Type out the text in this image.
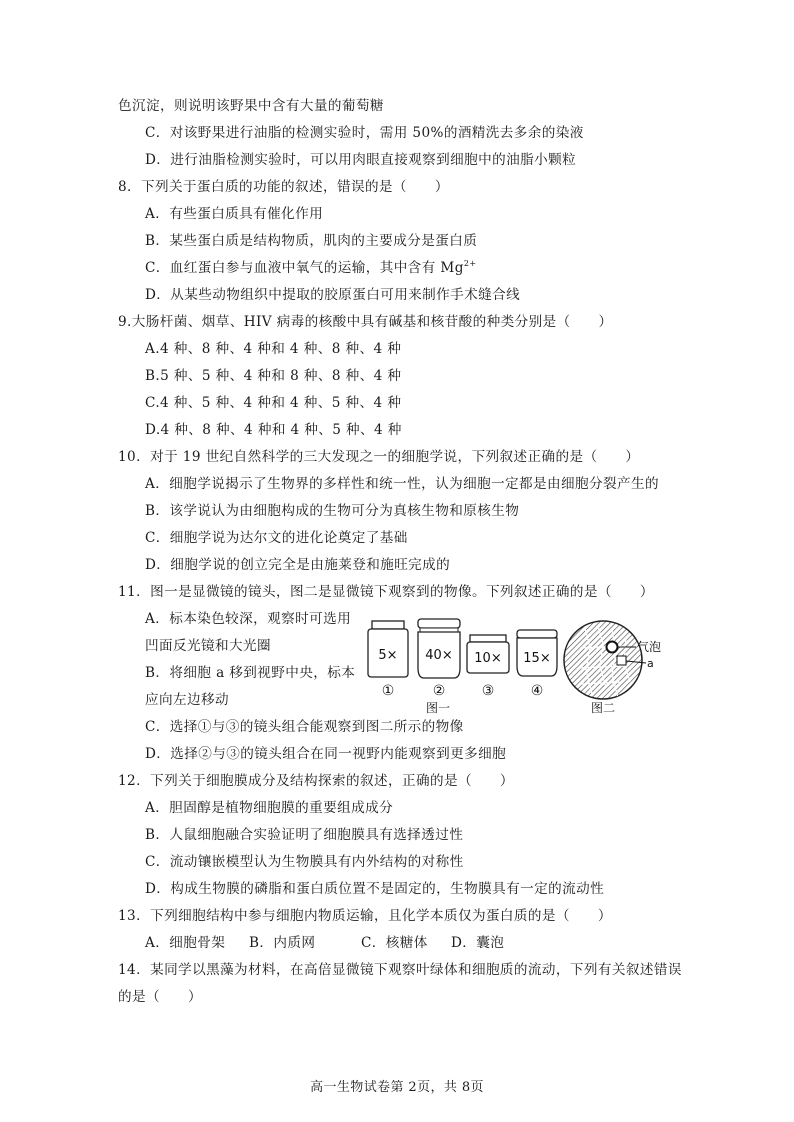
色沉淀，则说明该野果中含有大量的葡萄糖
C．对该野果进行油脂的检测实验时，需用 50%的酒精洗去多余的染液
D．进行油脂检测实验时，可以用肉眼直接观察到细胞中的油脂小颗粒
8．下列关于蛋白质的功能的叙述，错误的是（　　）
A．有些蛋白质具有催化作用
B．某些蛋白质是结构物质，肌肉的主要成分是蛋白质
C．血红蛋白参与血液中氧气的运输，其中含有 $Mg^{2+}$
D．从某些动物组织中提取的胶原蛋白可用来制作手术缝合线
9.大肠杆菌、烟草、HIV 病毒的核酸中具有碱基和核苷酸的种类分别是（　　）
A.4 种、8 种、4 种和 4 种、8 种、4 种
B.5 种、5 种、4 种和 8 种、8 种、4 种
C.4 种、5 种、4 种和 4 种、5 种、4 种
D.4 种、8 种、4 种和 4 种、5 种、4 种
10．对于 19 世纪自然科学的三大发现之一的细胞学说，下列叙述正确的是（　　）
A．细胞学说揭示了生物界的多样性和统一性，认为细胞一定都是由细胞分裂产生的
B．该学说认为由细胞构成的生物可分为真核生物和原核生物
C．细胞学说为达尔文的进化论奠定了基础
D．细胞学说的创立完全是由施莱登和施旺完成的
11．图一是显微镜的镜头，图二是显微镜下观察到的物像。下列叙述正确的是（　　）
A．标本染色较深，观察时可选用
凹面反光镜和大光圈
B．将细胞 a 移到视野中央，标本
应向左边移动
C．选择①与③的镜头组合能观察到图二所示的物像
D．选择②与③的镜头组合在同一视野内能观察到更多细胞
5×
①
40×
②
10×
③
15×
④
图一
气泡
a
图二
12．下列关于细胞膜成分及结构探索的叙述，正确的是（　　）
A．胆固醇是植物细胞膜的重要组成成分
B．人鼠细胞融合实验证明了细胞膜具有选择透过性
C．流动镶嵌模型认为生物膜具有内外结构的对称性
D．构成生物膜的磷脂和蛋白质位置不是固定的，生物膜具有一定的流动性
13．下列细胞结构中参与细胞内物质运输，且化学本质仅为蛋白质的是（　　）
A．细胞骨架 B．内质网	C．核糖体 D．囊泡
14．某同学以黑藻为材料，在高倍显微镜下观察叶绿体和细胞质的流动，下列有关叙述错误
的是（　　）
高一生物试卷第 2页，共 8页
